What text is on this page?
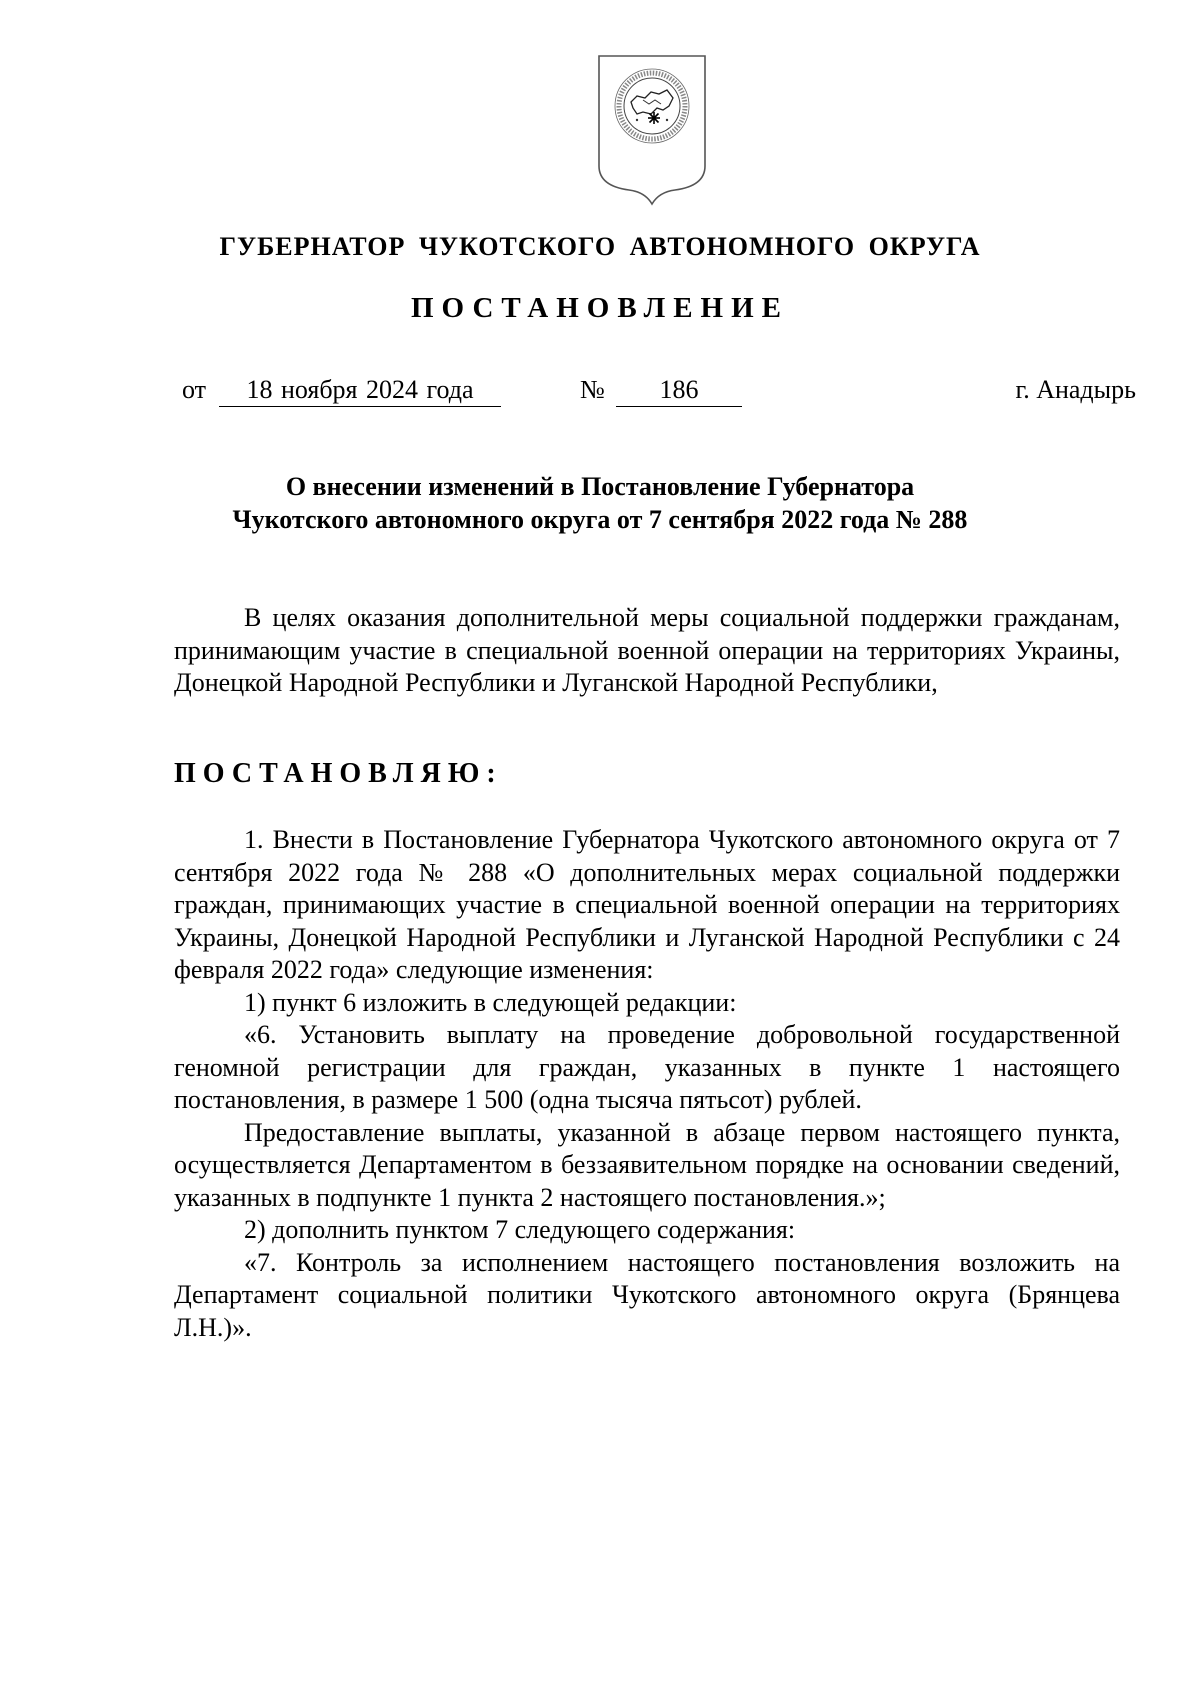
ГУБЕРНАТОР ЧУКОТСКОГО АВТОНОМНОГО ОКРУГА
ПОСТАНОВЛЕНИЕ
от	18 ноября 2024 года	№	186	г. Анадырь
О внесении изменений в Постановление Губернатора
Чукотского автономного округа от 7 сентября 2022 года № 288

В целях оказания дополнительной меры социальной поддержки гражданам, принимающим участие в специальной военной операции на территориях Украины, Донецкой Народной Республики и Луганской Народной Республики,

ПОСТАНОВЛЯЮ:

1. Внести в Постановление Губернатора Чукотского автономного округа от 7 сентября 2022 года № 288 «О дополнительных мерах социальной поддержки граждан, принимающих участие в специальной военной операции на территориях Украины, Донецкой Народной Республики и Луганской Народной Республики с 24 февраля 2022 года» следующие изменения:

1) пункт 6 изложить в следующей редакции:

«6. Установить выплату на проведение добровольной государственной геномной регистрации для граждан, указанных в пункте 1 настоящего постановления, в размере 1 500 (одна тысяча пятьсот) рублей.

Предоставление выплаты, указанной в абзаце первом настоящего пункта, осуществляется Департаментом в беззаявительном порядке на основании сведений, указанных в подпункте 1 пункта 2 настоящего постановления.»;

2) дополнить пунктом 7 следующего содержания:

«7. Контроль за исполнением настоящего постановления возложить на Департамент социальной политики Чукотского автономного округа (Брянцева Л.Н.)».
